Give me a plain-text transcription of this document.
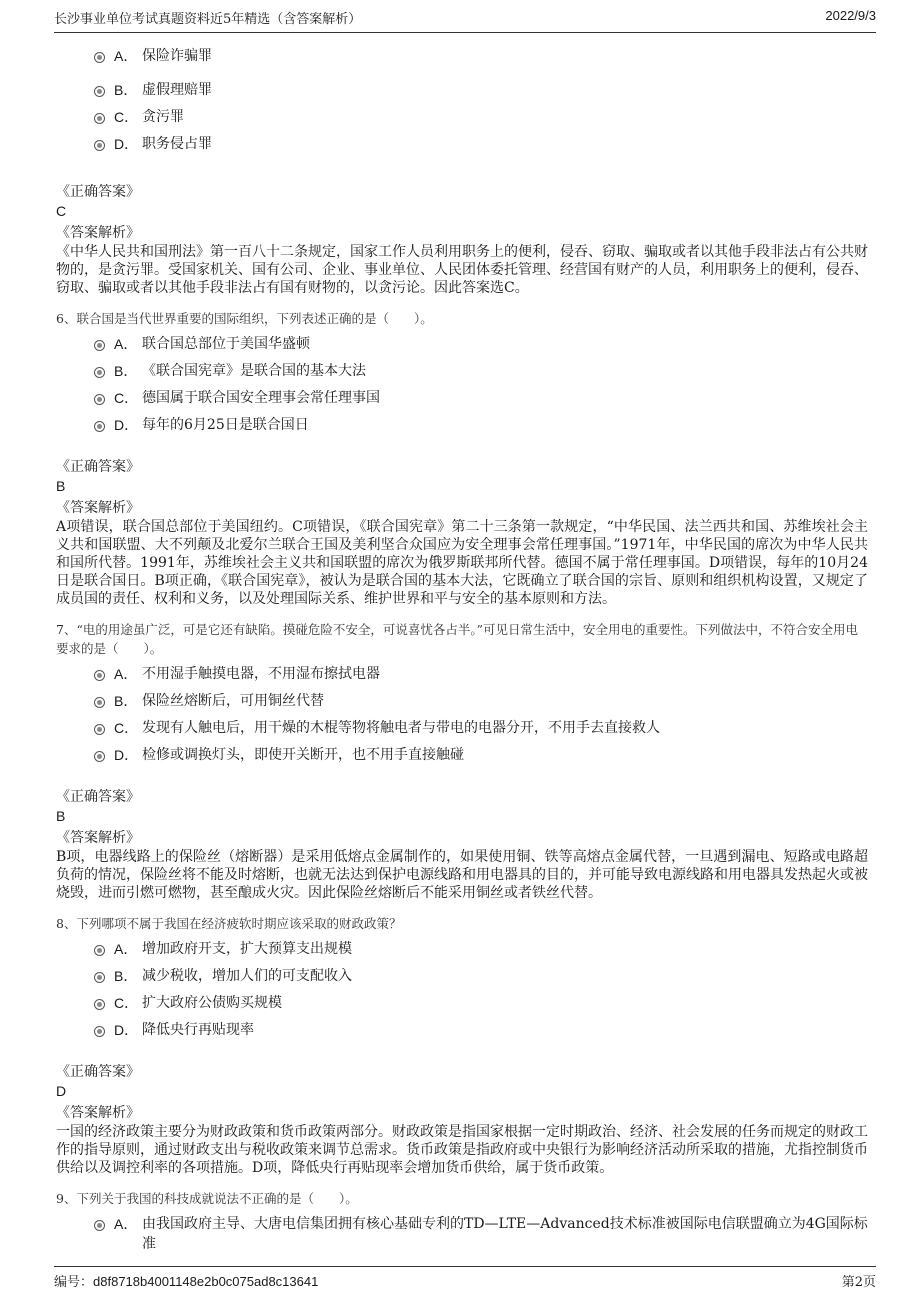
长沙事业单位考试真题资料近5年精选（含答案解析）	2022/9/3
A． 保险诈骗罪
B． 虚假理赔罪
C． 贪污罪
D． 职务侵占罪

《正确答案》

C

《答案解析》

《中华人民共和国刑法》第一百八十二条规定，国家工作人员利用职务上的便利，侵吞、窃取、骗取或者以其他手段非法占有公共财物的，是贪污罪。受国家机关、国有公司、企业、事业单位、人民团体委托管理、经营国有财产的人员，利用职务上的便利，侵吞、窃取、骗取或者以其他手段非法占有国有财物的，以贪污论。因此答案选C。

6、联合国是当代世界重要的国际组织，下列表述正确的是（　　）。

A． 联合国总部位于美国华盛顿
B． 《联合国宪章》是联合国的基本大法
C． 德国属于联合国安全理事会常任理事国
D． 每年的6月25日是联合国日

《正确答案》

B

《答案解析》

A项错误，联合国总部位于美国纽约。C项错误，《联合国宪章》第二十三条第一款规定，“中华民国、法兰西共和国、苏维埃社会主义共和国联盟、大不列颠及北爱尔兰联合王国及美利坚合众国应为安全理事会常任理事国。”1971年，中华民国的席次为中华人民共和国所代替。1991年，苏维埃社会主义共和国联盟的席次为俄罗斯联邦所代替。德国不属于常任理事国。D项错误，每年的10月24日是联合国日。B项正确，《联合国宪章》，被认为是联合国的基本大法，它既确立了联合国的宗旨、原则和组织机构设置，又规定了成员国的责任、权利和义务，以及处理国际关系、维护世界和平与安全的基本原则和方法。

7、“电的用途虽广泛，可是它还有缺陷。摸碰危险不安全，可说喜忧各占半。”可见日常生活中，安全用电的重要性。下列做法中，不符合安全用电要求的是（　　）。

A． 不用湿手触摸电器，不用湿布擦拭电器
B． 保险丝熔断后，可用铜丝代替
C． 发现有人触电后，用干燥的木棍等物将触电者与带电的电器分开，不用手去直接救人
D． 检修或调换灯头，即使开关断开，也不用手直接触碰

《正确答案》

B

《答案解析》

B项，电器线路上的保险丝（熔断器）是采用低熔点金属制作的，如果使用铜、铁等高熔点金属代替，一旦遇到漏电、短路或电路超负荷的情况，保险丝将不能及时熔断，也就无法达到保护电源线路和用电器具的目的，并可能导致电源线路和用电器具发热起火或被烧毁，进而引燃可燃物，甚至酿成火灾。因此保险丝熔断后不能采用铜丝或者铁丝代替。

8、下列哪项不属于我国在经济疲软时期应该采取的财政政策？

A． 增加政府开支，扩大预算支出规模
B． 减少税收，增加人们的可支配收入
C． 扩大政府公债购买规模
D． 降低央行再贴现率

《正确答案》

D

《答案解析》

一国的经济政策主要分为财政政策和货币政策两部分。财政政策是指国家根据一定时期政治、经济、社会发展的任务而规定的财政工作的指导原则，通过财政支出与税收政策来调节总需求。货币政策是指政府或中央银行为影响经济活动所采取的措施，尤指控制货币供给以及调控利率的各项措施。D项，降低央行再贴现率会增加货币供给，属于货币政策。

9、下列关于我国的科技成就说法不正确的是（　　）。

A． 由我国政府主导、大唐电信集团拥有核心基础专利的TD—LTE—Advanced技术标准被国际电信联盟确立为4G国际标准
编号：d8f8718b4001148e2b0c075ad8c13641	第2页
